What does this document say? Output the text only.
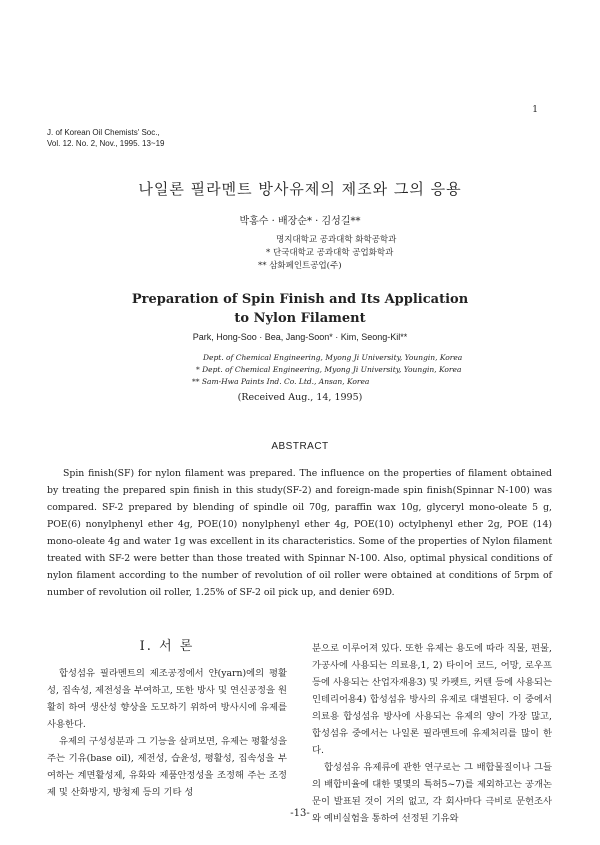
1
J. of Korean Oil Chemists' Soc.,
Vol. 12. No. 2, Nov., 1995. 13~19
나일론 필라멘트 방사유제의 제조와 그의 응용
박홍수 · 배장순* · 김성길**
명지대학교 공과대학 화학공학과
* 단국대학교 공과대학 공업화학과
** 삼화페인트공업(주)
Preparation of Spin Finish and Its Application
to Nylon Filament
Park, Hong-Soo · Bea, Jang-Soon* · Kim, Seong-Kil**
Dept. of Chemical Engineering, Myong Ji University, Youngin, Korea
* Dept. of Chemical Engineering, Myong Ji University, Youngin, Korea
** Sam-Hwa Paints Ind. Co. Ltd., Ansan, Korea
(Received Aug., 14, 1995)
ABSTRACT
Spin finish(SF) for nylon filament was prepared. The influence on the properties of filament obtained by treating the prepared spin finish in this study(SF-2) and foreign-made spin finish(Spinnar N-100) was compared. SF-2 prepared by blending of spindle oil 70g, paraffin wax 10g, glyceryl mono-oleate 5 g, POE(6) nonylphenyl ether 4g, POE(10) nonylphenyl ether 4g, POE(10) octylphenyl ether 2g, POE (14) mono-oleate 4g and water 1g was excellent in its characteristics. Some of the properties of Nylon filament treated with SF-2 were better than those treated with Spinnar N-100. Also, optimal physical conditions of nylon filament according to the number of revolution of oil roller were obtained at conditions of 5rpm of number of revolution oil roller, 1.25% of SF-2 oil pick up, and denier 69D.
I. 서 론

합성섬유 필라멘트의 제조공정에서 얀(yarn)에의 평활성, 집속성, 제전성을 부여하고, 또한 방사 및 연신공정을 원활히 하여 생산성 향상을 도모하기 위하여 방사시에 유제를 사용한다.

유제의 구성성분과 그 기능을 살펴보면, 유제는 평활성을 주는 기유(base oil), 제전성, 습윤성, 평활성, 집속성을 부여하는 계면활성제, 유화와 제품안정성을 조정해 주는 조정제 및 산화방지, 방청제 등의 기타 성

분으로 이루어져 있다. 또한 유제는 용도에 따라 직물, 편물, 가공사에 사용되는 의료용,1, 2) 타이어 코드, 어망, 로우프 등에 사용되는 산업자재용3) 및 카펫트, 커텐 등에 사용되는 인테리어용4) 합성섬유 방사의 유제로 대별된다. 이 중에서 의료용 합성섬유 방사에 사용되는 유제의 양이 가장 많고, 합성섬유 중에서는 나일론 필라멘트에 유제처리를 많이 한다.

합성섬유 유제류에 관한 연구로는 그 배합물질이나 그들의 배합비율에 대한 몇몇의 특허5~7)를 제외하고는 공개논문이 발표된 것이 거의 없고, 각 회사마다 극비로 문헌조사와 예비실험을 통하여 선정된 기유와

-13-
